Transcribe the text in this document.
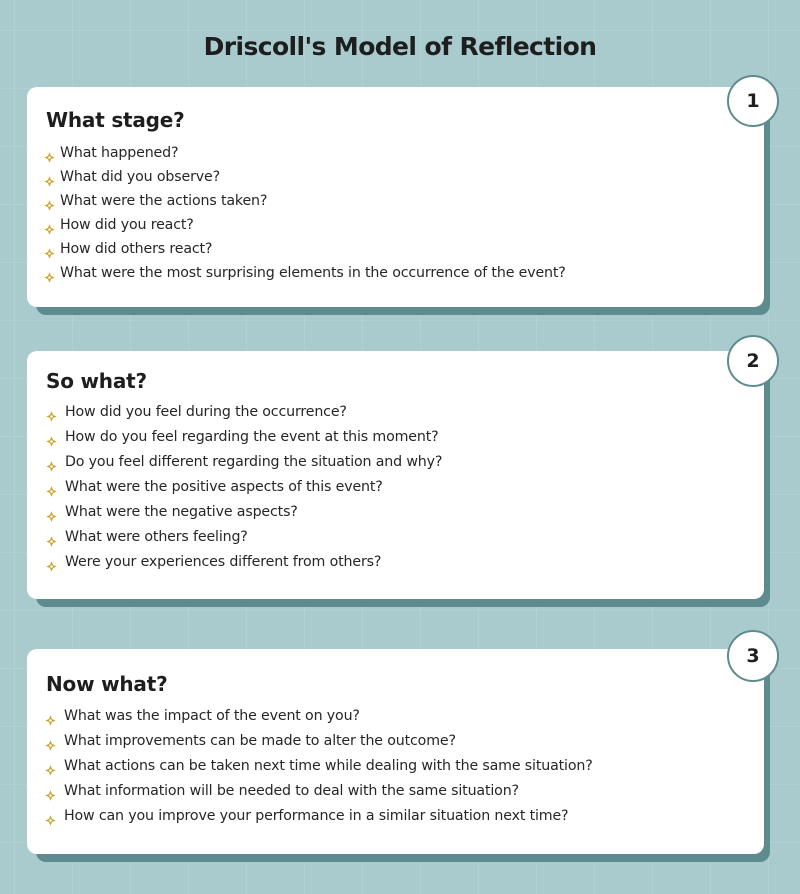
Driscoll's Model of Reflection
What stage?
What happened?
What did you observe?
What were the actions taken?
How did you react?
How did others react?
What were the most surprising elements in the occurrence of the event?
1
So what?
How did you feel during the occurrence?
How do you feel regarding the event at this moment?
Do you feel different regarding the situation and why?
What were the positive aspects of this event?
What were the negative aspects?
What were others feeling?
Were your experiences different from others?
2
Now what?
What was the impact of the event on you?
What improvements can be made to alter the outcome?
What actions can be taken next time while dealing with the same situation?
What information will be needed to deal with the same situation?
How can you improve your performance in a similar situation next time?
3
